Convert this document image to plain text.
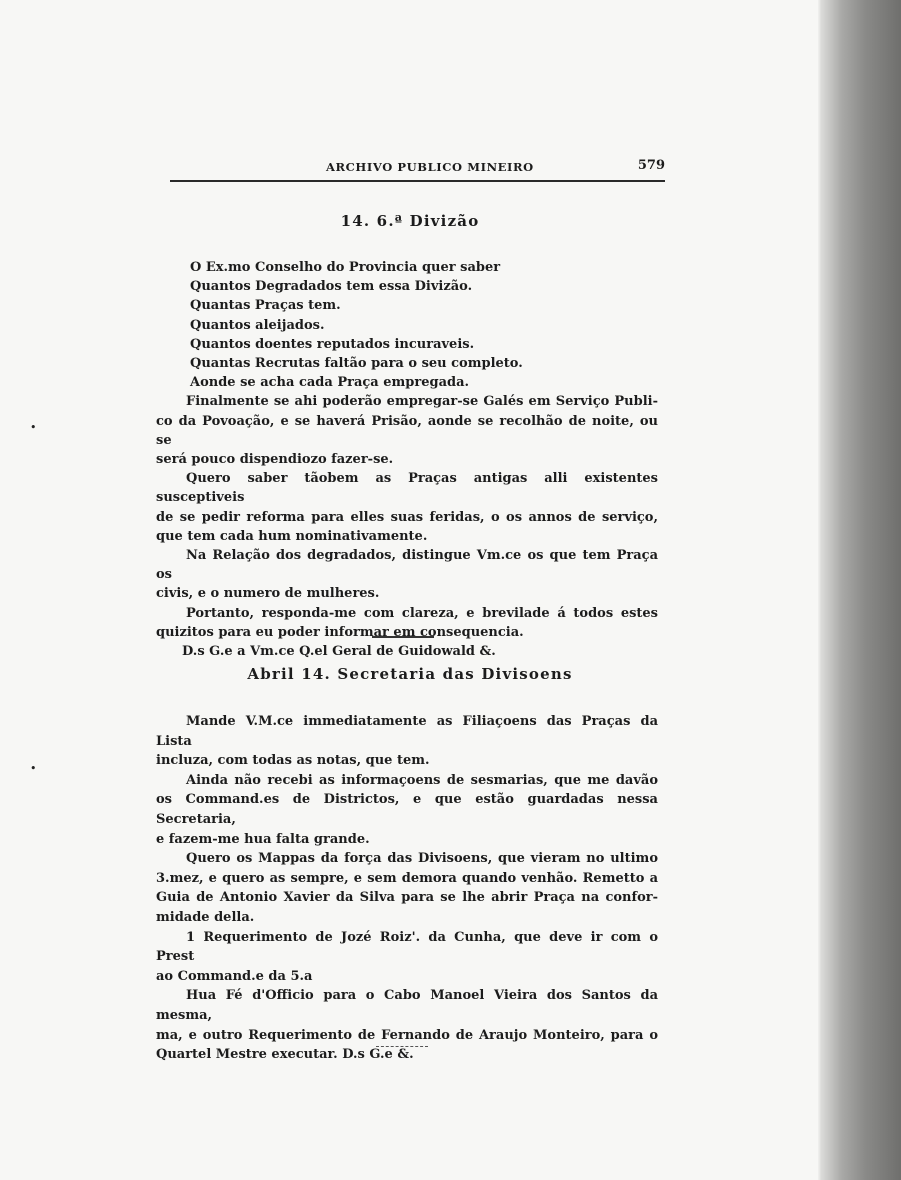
ARCHIVO PUBLICO MINEIRO	579
14. 6.ª Divizão
O Ex.mo Conselho do Provincia quer saber
Quantos Degradados tem essa Divizão.
Quantas Praças tem.
Quantos aleijados.
Quantos doentes reputados incuraveis.
Quantas Recrutas faltão para o seu completo.
Aonde se acha cada Praça empregada.
Finalmente se ahi poderão empregar-se Galés em Serviço Publi-
co da Povoação, e se haverá Prisão, aonde se recolhão de noite, ou se
será pouco dispendiozo fazer-se.
Quero saber tãobem as Praças antigas alli existentes susceptiveis
de se pedir reforma para elles suas feridas, o os annos de serviço,
que tem cada hum nominativamente.
Na Relação dos degradados, distingue Vm.ce os que tem Praça os
civis, e o numero de mulheres.
Portanto, responda-me com clareza, e brevilade á todos estes
quizitos para eu poder informar em consequencia.
D.s G.e a Vm.ce Q.el Geral de Guidowald &.
Abril 14. Secretaria das Divisoens
Mande V.M.ce immediatamente as Filiaçoens das Praças da Lista
incluza, com todas as notas, que tem.
Ainda não recebi as informaçoens de sesmarias, que me davão
os Command.es de Districtos, e que estão guardadas nessa Secretaria,
e fazem-me hua falta grande.
Quero os Mappas da força das Divisoens, que vieram no ultimo
3.mez, e quero as sempre, e sem demora quando venhão. Remetto a
Guia de Antonio Xavier da Silva para se lhe abrir Praça na confor-
midade della.
1 Requerimento de Jozé Roiz'. da Cunha, que deve ir com o Prest
ao Command.e da 5.a
Hua Fé d'Officio para o Cabo Manoel Vieira dos Santos da mesma,
ma, e outro Requerimento de Fernando de Araujo Monteiro, para o
Quartel Mestre executar. D.s G.e &.
•
•
